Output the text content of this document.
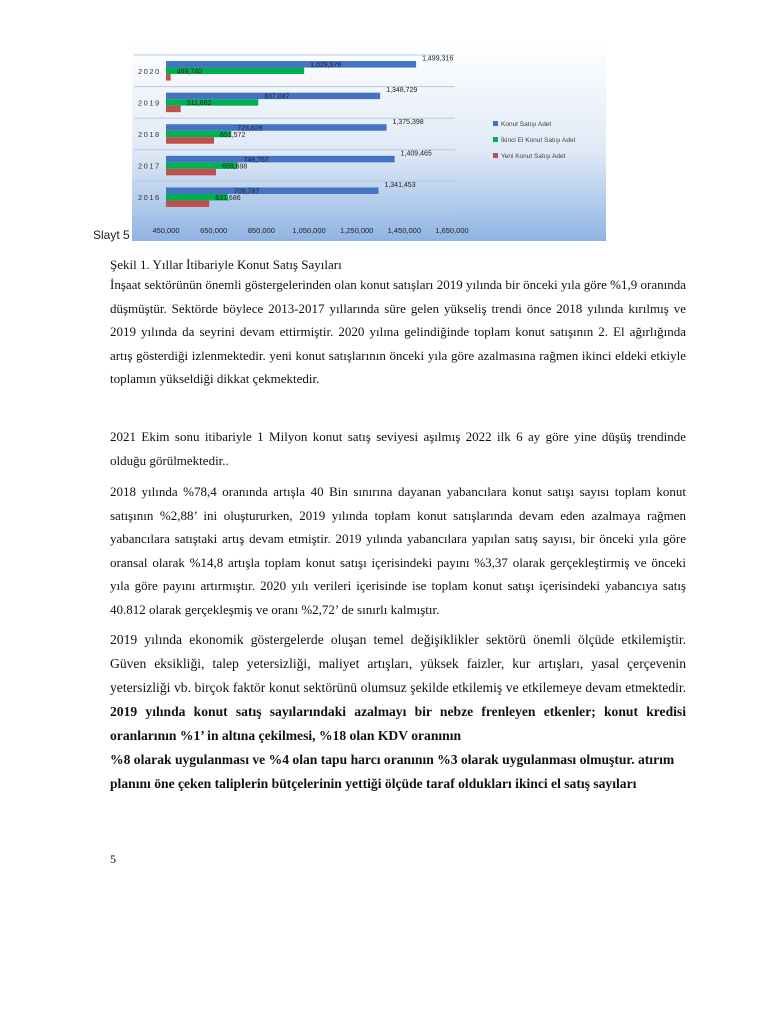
Slayt 5
2016
1,341,453
709,787
631,686
2017
1,409,465
749,767
659,698
2018
1,375,398
723,826
651,572
2019
1,348,729
837,047
511,682
2020
1,499,316
1,029,576
469,740
450,000	650,000	850,000 1,050,000 1,250,000 1,450,000 1,650,000
Konut Satışı Adet
İkinci El Konut Satışı Adet
Yeni Konut Satışı Adet
Şekil 1. Yıllar İtibariyle Konut Satış Sayıları

İnşaat sektörünün önemli göstergelerinden olan konut satışları 2019 yılında bir önceki yıla göre %1,9 oranında düşmüştür. Sektörde böylece 2013-2017 yıllarında süre gelen yükseliş trendi önce 2018 yılında kırılmış ve 2019 yılında da seyrini devam ettirmiştir. 2020 yılına gelindiğinde toplam konut satışının 2. El ağırlığında artış gösterdiği izlenmektedir. yeni konut satışlarının önceki yıla göre azalmasına rağmen ikinci eldeki etkiyle toplamın yükseldiği dikkat çekmektedir.

2021 Ekim sonu itibariyle 1 Milyon konut satış seviyesi aşılmış 2022 ilk 6 ay göre yine düşüş trendinde olduğu görülmektedir..

2018 yılında %78,4 oranında artışla 40 Bin sınırına dayanan yabancılara konut satışı sayısı toplam konut satışının %2,88’ ini oluştururken, 2019 yılında toplam konut satışlarında devam eden azalmaya rağmen yabancılara satıştaki artış devam etmiştir. 2019 yılında yabancılara yapılan satış sayısı, bir önceki yıla göre oransal olarak %14,8 artışla toplam konut satışı içerisindeki payını %3,37 olarak gerçekleştirmiş ve önceki yıla göre payını artırmıştır. 2020 yılı verileri içerisinde ise toplam konut satışı içerisindeki yabancıya satış 40.812 olarak gerçekleşmiş ve oranı %2,72’ de sınırlı kalmıştır.

2019 yılında ekonomik göstergelerde oluşan temel değişiklikler sektörü önemli ölçüde etkilemiştir. Güven eksikliği, talep yetersizliği, maliyet artışları, yüksek faizler, kur artışları, yasal çerçevenin yetersizliği vb. birçok faktör konut sektörünü olumsuz şekilde etkilemiş ve etkilemeye devam etmektedir. 2019 yılında konut satış sayılarındaki azalmayı bir nebze frenleyen etkenler; konut kredisi oranlarının %1’ in altına çekilmesi, %18 olan KDV oranının
%8 olarak uygulanması ve %4 olan tapu harcı oranının %3 olarak uygulanması olmuştur. atırım
planını öne çeken taliplerin bütçelerinin yettiği ölçüde taraf oldukları ikinci el satış sayıları

5
